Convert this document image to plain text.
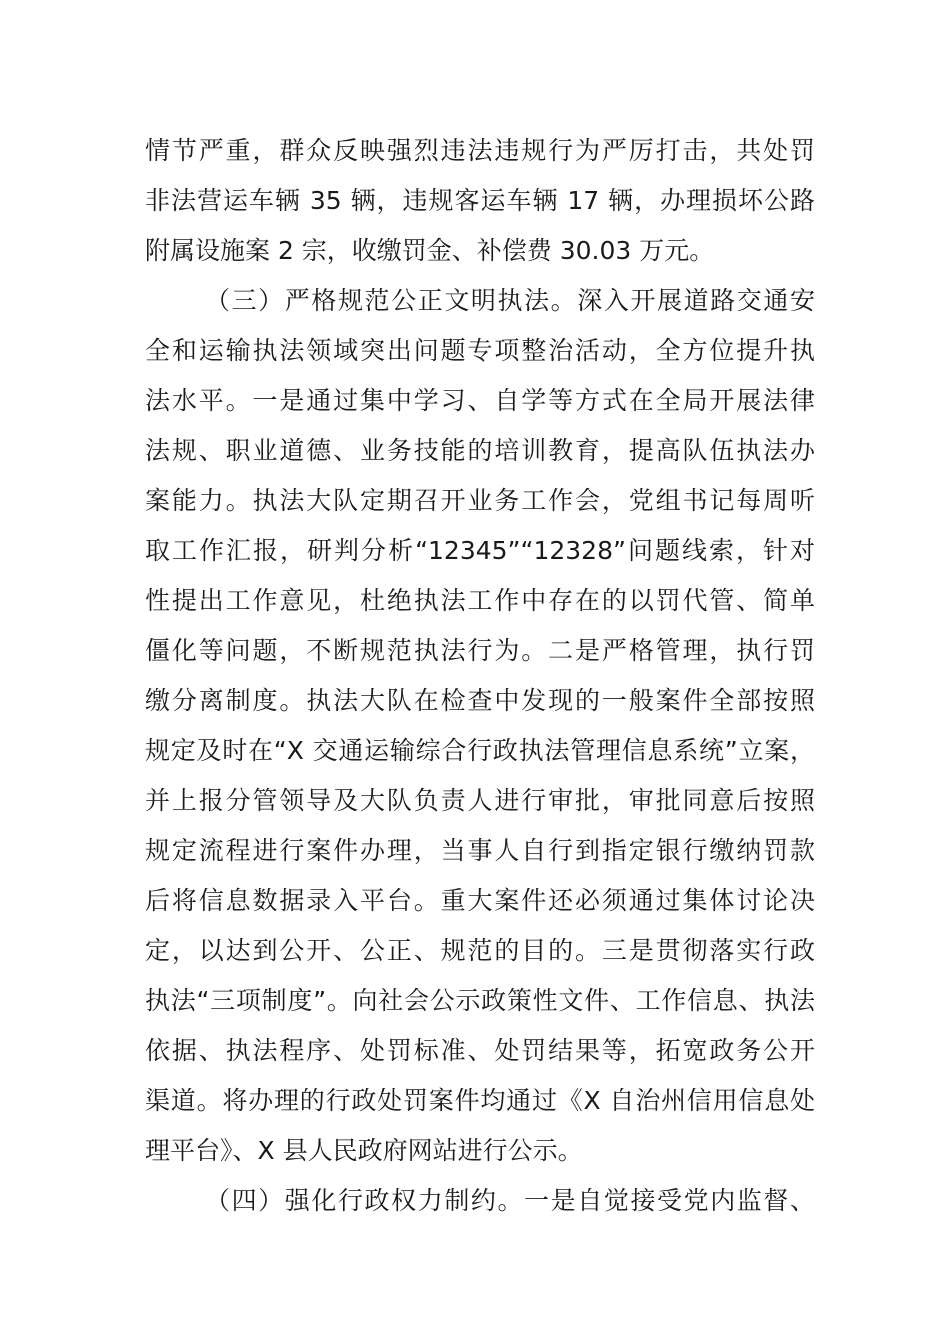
情节严重，群众反映强烈违法违规行为严厉打击，共处罚
非法营运车辆 35 辆，违规客运车辆 17 辆，办理损坏公路
附属设施案 2 宗，收缴罚金、补偿费 30.03 万元。
（三）严格规范公正文明执法。深入开展道路交通安
全和运输执法领域突出问题专项整治活动，全方位提升执
法水平。一是通过集中学习、自学等方式在全局开展法律
法规、职业道德、业务技能的培训教育，提高队伍执法办
案能力。执法大队定期召开业务工作会，党组书记每周听
取工作汇报，研判分析“12345”“12328”问题线索，针对
性提出工作意见，杜绝执法工作中存在的以罚代管、简单
僵化等问题，不断规范执法行为。二是严格管理，执行罚
缴分离制度。执法大队在检查中发现的一般案件全部按照
规定及时在“X 交通运输综合行政执法管理信息系统”立案，
并上报分管领导及大队负责人进行审批，审批同意后按照
规定流程进行案件办理，当事人自行到指定银行缴纳罚款
后将信息数据录入平台。重大案件还必须通过集体讨论决
定，以达到公开、公正、规范的目的。三是贯彻落实行政
执法“三项制度”。向社会公示政策性文件、工作信息、执法
依据、执法程序、处罚标准、处罚结果等，拓宽政务公开
渠道。将办理的行政处罚案件均通过《X 自治州信用信息处
理平台》、X 县人民政府网站进行公示。
（四）强化行政权力制约。一是自觉接受党内监督、
